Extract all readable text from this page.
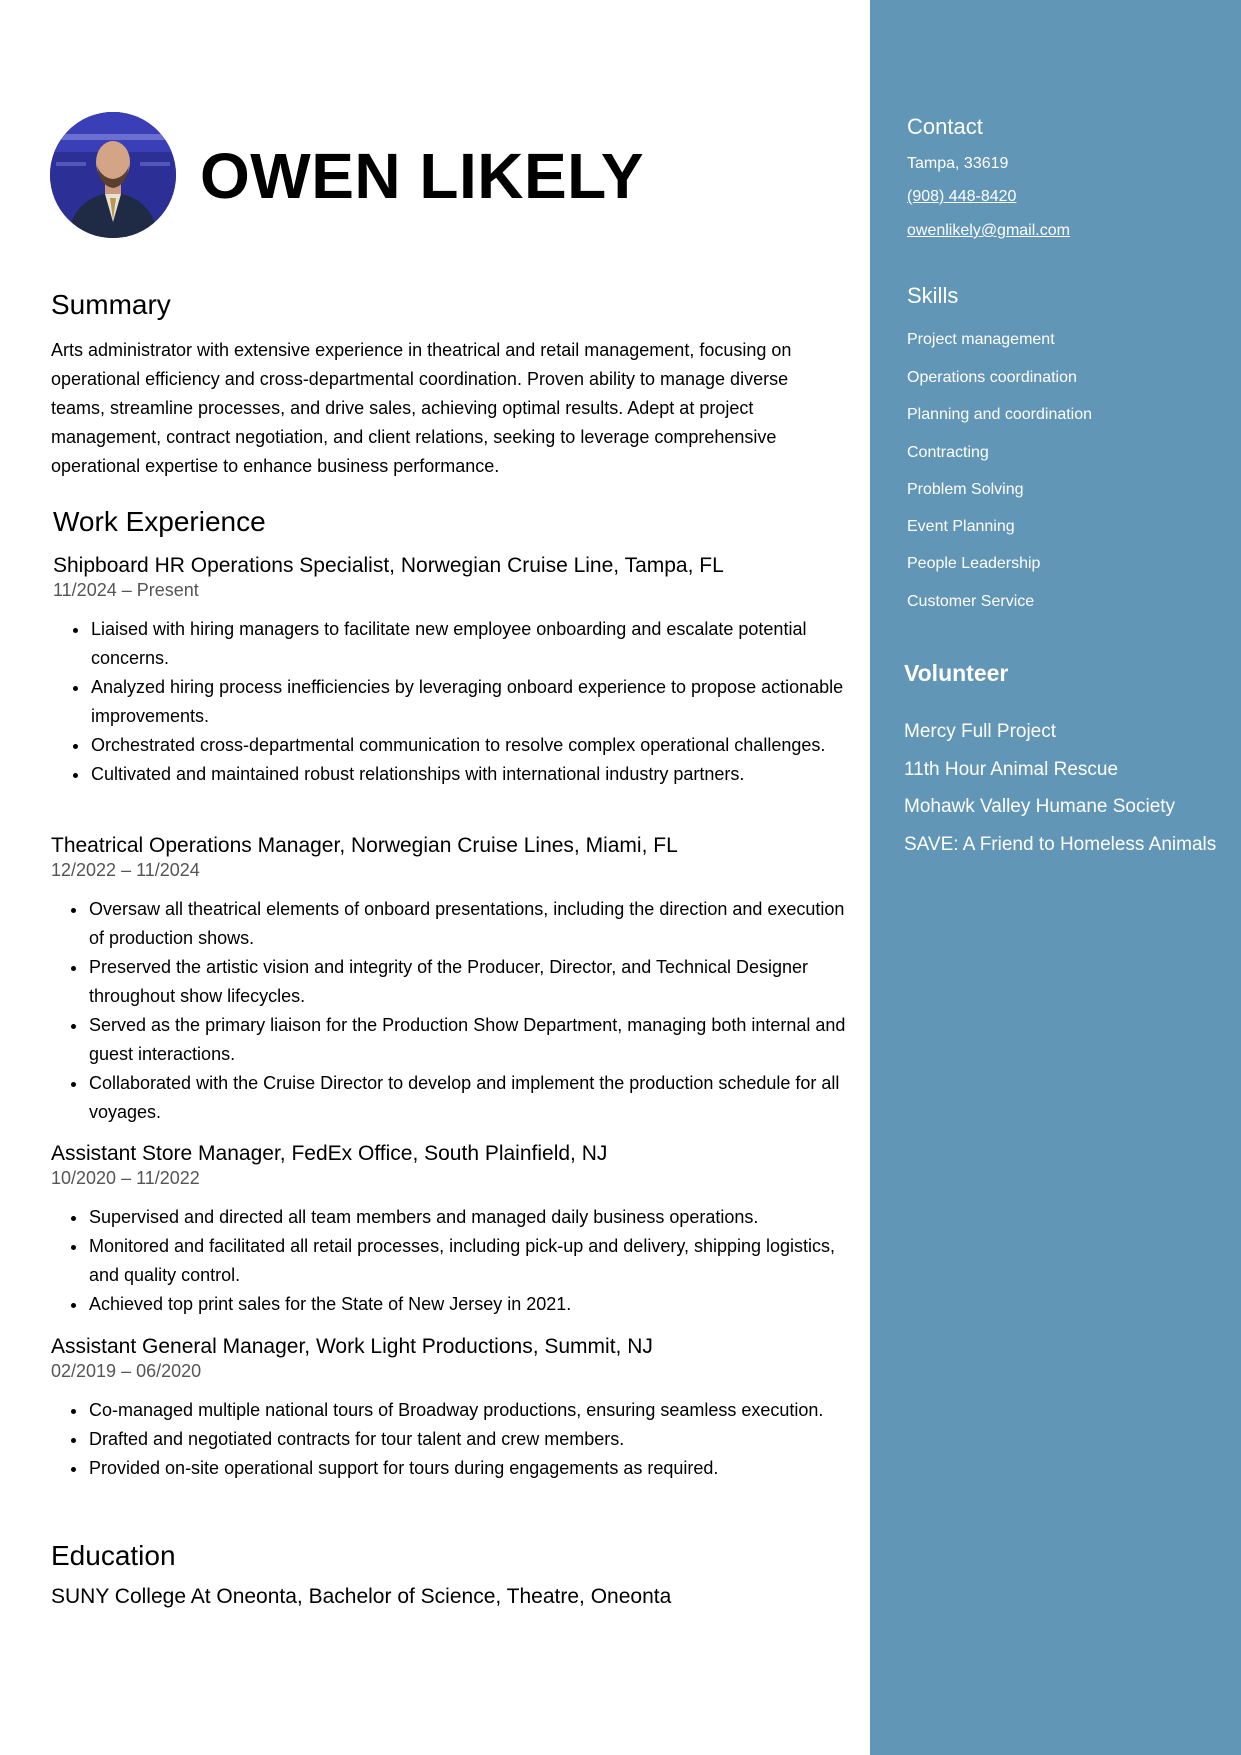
OWEN LIKELY
Summary

Arts administrator with extensive experience in theatrical and retail management, focusing on operational efficiency and cross-departmental coordination. Proven ability to manage diverse teams, streamline processes, and drive sales, achieving optimal results. Adept at project management, contract negotiation, and client relations, seeking to leverage comprehensive operational expertise to enhance business performance.

Work Experience
Shipboard HR Operations Specialist, Norwegian Cruise Line, Tampa, FL

11/2024 – Present

• Liaised with hiring managers to facilitate new employee onboarding and escalate potential concerns.
• Analyzed hiring process inefficiencies by leveraging onboard experience to propose actionable improvements.
• Orchestrated cross-departmental communication to resolve complex operational challenges.
• Cultivated and maintained robust relationships with international industry partners.
Theatrical Operations Manager, Norwegian Cruise Lines, Miami, FL

12/2022 – 11/2024

• Oversaw all theatrical elements of onboard presentations, including the direction and execution of production shows.
• Preserved the artistic vision and integrity of the Producer, Director, and Technical Designer throughout show lifecycles.
• Served as the primary liaison for the Production Show Department, managing both internal and guest interactions.
• Collaborated with the Cruise Director to develop and implement the production schedule for all voyages.
Assistant Store Manager, FedEx Office, South Plainfield, NJ

10/2020 – 11/2022

• Supervised and directed all team members and managed daily business operations.
• Monitored and facilitated all retail processes, including pick-up and delivery, shipping logistics, and quality control.
• Achieved top print sales for the State of New Jersey in 2021.
Assistant General Manager, Work Light Productions, Summit, NJ

02/2019 – 06/2020

• Co-managed multiple national tours of Broadway productions, ensuring seamless execution.
• Drafted and negotiated contracts for tour talent and crew members.
• Provided on-site operational support for tours during engagements as required.
Education
SUNY College At Oneonta, Bachelor of Science, Theatre, Oneonta
Contact

Tampa, 33619

(908) 448-8420

owenlikely@gmail.com

Skills

Project management

Operations coordination

Planning and coordination

Contracting

Problem Solving

Event Planning

People Leadership

Customer Service

Volunteer

Mercy Full Project

11th Hour Animal Rescue

Mohawk Valley Humane Society

SAVE: A Friend to Homeless Animals
